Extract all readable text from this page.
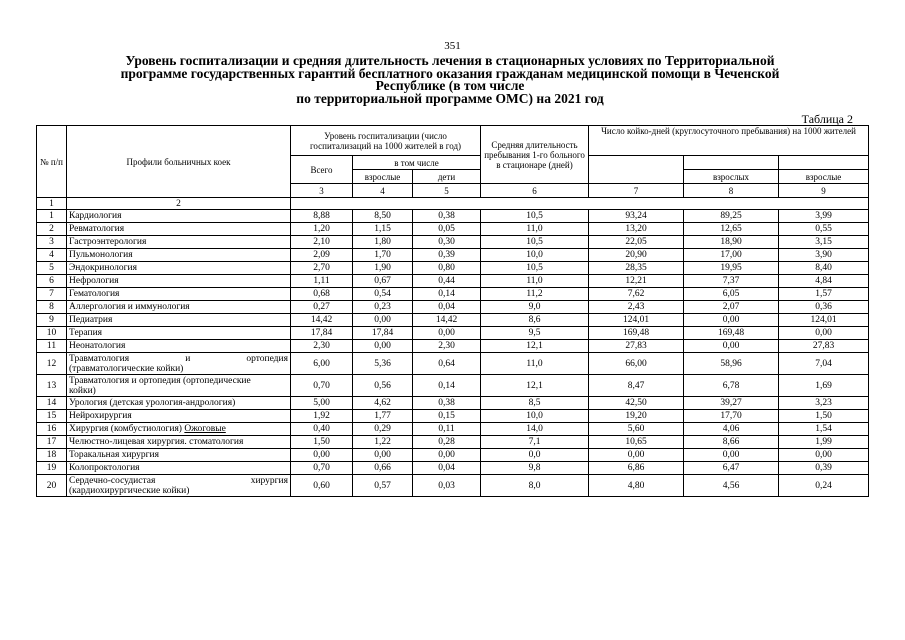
351
Уровень госпитализации и средняя длительность лечения в стационарных условиях по Территориальной
программе государственных гарантий бесплатного оказания гражданам медицинской помощи в Чеченской
Республике (в том числе
по территориальной программе ОМС) на 2021 год
Таблица 2
№ п/п	Профили больничных коек	Уровень госпитализации (число госпитализаций на 1000 жителей в год)			Средняя длительность пребывания 1-го больного в стационаре (дней)	Число койко-дней (круглосуточного пребывания) на 1000 жителей		
		Всего	в том числе					
			взрослые	дети			взрослых	взрослые
		3	4	5	6	7	8	9
1	2							
1	Кардиология	8,88	8,50	0,38	10,5	93,24	89,25	3,99
2	Ревматология	1,20	1,15	0,05	11,0	13,20	12,65	0,55
3	Гастроэнтерология	2,10	1,80	0,30	10,5	22,05	18,90	3,15
4	Пульмонология	2,09	1,70	0,39	10,0	20,90	17,00	3,90
5	Эндокринология	2,70	1,90	0,80	10,5	28,35	19,95	8,40
6	Нефрология	1,11	0,67	0,44	11,0	12,21	7,37	4,84
7	Гематология	0,68	0,54	0,14	11,2	7,62	6,05	1,57
8	Аллергология и иммунология	0,27	0,23	0,04	9,0	2,43	2,07	0,36
9	Педиатрия	14,42	0,00	14,42	8,6	124,01	0,00	124,01
10	Терапия	17,84	17,84	0,00	9,5	169,48	169,48	0,00
11	Неонатология	2,30	0,00	2,30	12,1	27,83	0,00	27,83
12	Травматология и ортопедия
(травматологические койки)	6,00	5,36	0,64	11,0	66,00	58,96	7,04
13	Травматология и ортопедия (ортопедические
койки)	0,70	0,56	0,14	12,1	8,47	6,78	1,69
14	Урология (детская урология-андрология)	5,00	4,62	0,38	8,5	42,50	39,27	3,23
15	Нейрохирургия	1,92	1,77	0,15	10,0	19,20	17,70	1,50
16	Хирургия (комбустиология) Ожоговые	0,40	0,29	0,11	14,0	5,60	4,06	1,54
17	Челюстно-лицевая хирургия. стоматология	1,50	1,22	0,28	7,1	10,65	8,66	1,99
18	Торакальная хирургия	0,00	0,00	0,00	0,0	0,00	0,00	0,00
19	Колопроктология	0,70	0,66	0,04	9,8	6,86	6,47	0,39
20	Сердечно-сосудистая хирургия
(кардиохирургические койки)	0,60	0,57	0,03	8,0	4,80	4,56	0,24
